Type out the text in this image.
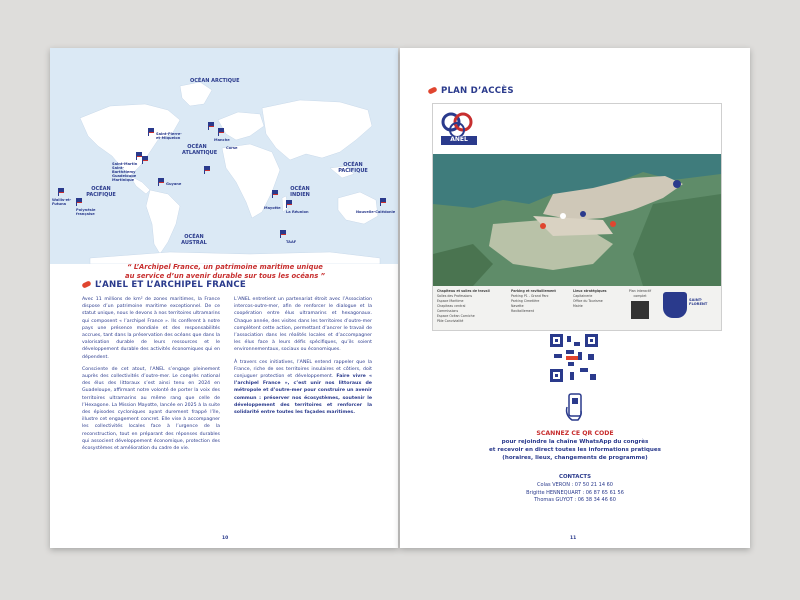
OCÉAN ARCTIQUE
OCÉAN ATLANTIQUE
OCÉAN PACIFIQUE
OCÉAN PACIFIQUE
OCÉAN INDIEN
OCÉAN AUSTRAL
Saint-Pierre-et-Miquelon	Manche
Corse
Saint-Martin Saint-Barthélemy Guadeloupe Martinique
Guyane
Wallis-et-Futuna
Polynésie française
Mayotte
La Réunion	Nouvelle-Calédonie
TAAF
“ L’Archipel France, un patrimoine maritime unique
au service d’un avenir durable sur tous les océans ”
L’ANEL ET L’ARCHIPEL FRANCE

Avec 11 millions de km² de zones maritimes, la France dispose d’un patrimoine maritime exceptionnel. De ce statut unique, nous le devons à nos territoires ultramarins qui composent « l’archipel France ». Ils confèrent à notre pays une présence mondiale et des responsabilités accrues, tant dans la préservation des océans que dans la valorisation durable de leurs ressources et le développement durable des activités économiques qui en dépendent.

Consciente de cet atout, l’ANEL s’engage pleinement auprès des collectivités d’outre-mer. Le congrès national des élus des littoraux s’est ainsi tenu en 2024 en Guadeloupe, affirmant notre volonté de porter la voix des territoires ultramarins au même rang que celle de l’Hexagone. La Mission Mayotte, lancée en 2025 à la suite des épisodes cycloniques ayant durement frappé l’île, illustre cet engagement concret. Elle vise à accompagner les collectivités locales face à l’urgence de la reconstruction, tout en préparant des réponses durables qui associent développement économique, protection des écosystèmes et amélioration du cadre de vie.

L’ANEL entretient un partenariat étroit avec l’Association intercos-outre-mer, afin de renforcer le dialogue et la coopération entre élus ultramarins et hexagonaux. Chaque année, des visites dans les territoires d’outre-mer complètent cette action, permettant d’ancrer le travail de l’association dans les réalités locales et d’accompagner les élus face à leurs défis spécifiques, qu’ils soient environnementaux, sociaux ou économiques.

À travers ces initiatives, l’ANEL entend rappeler que la France, riche de ses territoires insulaires et côtiers, doit conjuguer protection et développement. Faire vivre « l’archipel France », c’est unir nos littoraux de métropole et d’outre-mer pour construire un avenir commun : préserver nos écosystèmes, soutenir le développement des territoires et renforcer la solidarité entre toutes les façades maritimes.

10
PLAN D’ACCÈS
ANEL
Chapiteau et salles de travail
Salles des Professions
Espace Maritime
Chapiteau central
Commissions
Espace Océan Corniche
Pôle Convivialité
Parking et ravitaillement
Parking P1 - Grand Parc
Parking Cimetière
Navette
Ravitaillement
Lieux stratégiques
Capitainerie
Office du Tourisme
Mairie
Plan interactif complet
SAINT-FLORENT
SCANNEZ CE QR CODE
pour rejoindre la chaîne WhatsApp du congrès
et recevoir en direct toutes les informations pratiques
(horaires, lieux, changements de programme)
CONTACTS
Colas VERON : 07 50 21 14 60
Brigitte HENNEQUART : 06 87 65 61 56
Thomas GUYOT : 06 38 34 46 60
11
